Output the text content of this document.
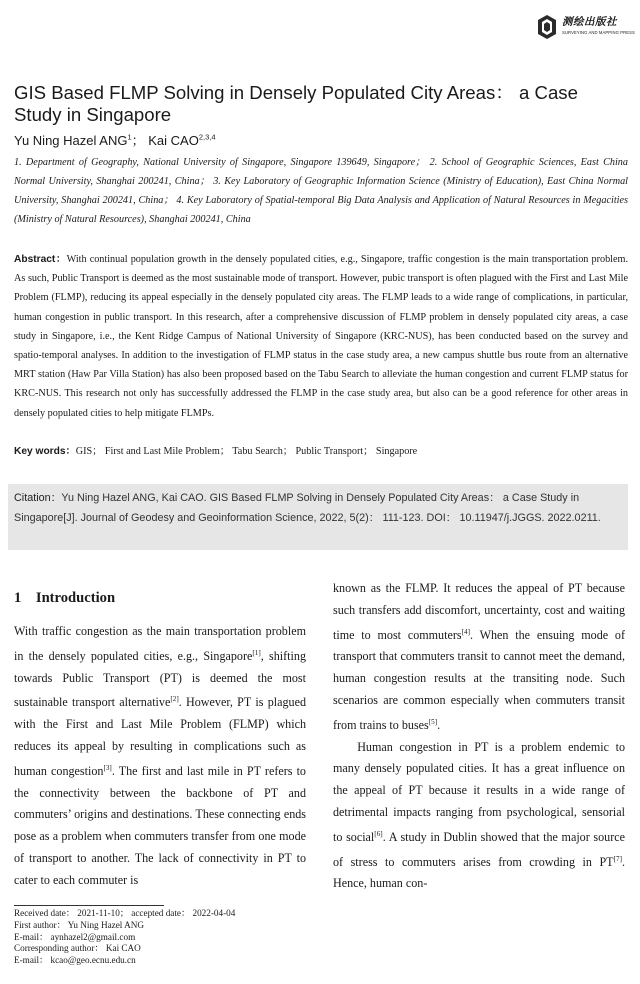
测绘出版社
SURVEYING AND MAPPING PRESS
GIS Based FLMP Solving in Densely Populated City Areas： a Case Study in Singapore
Yu Ning Hazel ANG$^1$； Kai CAO$^{2,3,4}$
1. Department of Geography, National University of Singapore, Singapore 139649, Singapore； 2. School of Geographic Sciences, East China Normal University, Shanghai 200241, China； 3. Key Laboratory of Geographic Information Science (Ministry of Education), East China Normal University, Shanghai 200241, China； 4. Key Laboratory of Spatial-temporal Big Data Analysis and Application of Natural Resources in Megacities (Ministry of Natural Resources), Shanghai 200241, China
Abstract：With continual population growth in the densely populated cities, e.g., Singapore, traffic congestion is the main transportation problem. As such, Public Transport is deemed as the most sustainable mode of transport. However, pubic transport is often plagued with the First and Last Mile Problem (FLMP), reducing its appeal especially in the densely populated city areas. The FLMP leads to a wide range of complications, in particular, human congestion in public transport. In this research, after a comprehensive discussion of FLMP problem in densely populated city areas, a case study in Singapore, i.e., the Kent Ridge Campus of National University of Singapore (KRC-NUS), has been conducted based on the survey and spatio-temporal analyses. In addition to the investigation of FLMP status in the case study area, a new campus shuttle bus route from an alternative MRT station (Haw Par Villa Station) has also been proposed based on the Tabu Search to alleviate the human congestion and current FLMP status for KRC-NUS. This research not only has successfully addressed the FLMP in the case study area, but also can be a good reference for other areas in densely populated cities to help mitigate FLMPs.
Key words：GIS； First and Last Mile Problem； Tabu Search； Public Transport； Singapore
Citation：Yu Ning Hazel ANG, Kai CAO. GIS Based FLMP Solving in Densely Populated City Areas： a Case Study in Singapore[J]. Journal of Geodesy and Geoinformation Science, 2022, 5(2)： 111-123. DOI： 10.11947/j.JGGS. 2022.0211.
1 Introduction

With traffic congestion as the main transportation problem in the densely populated cities, e.g., Singapore[1], shifting towards Public Transport (PT) is deemed the most sustainable transport alternative[2]. However, PT is plagued with the First and Last Mile Problem (FLMP) which reduces its appeal by resulting in complications such as human congestion[3]. The first and last mile in PT refers to the connectivity between the backbone of PT and commuters’ origins and destinations. These connecting ends pose as a problem when commuters transfer from one mode of transport to another. The lack of connectivity in PT to cater to each commuter is

known as the FLMP. It reduces the appeal of PT because such transfers add discomfort, uncertainty, cost and waiting time to most commuters[4]. When the ensuing mode of transport that commuters transit to cannot meet the demand, human congestion results at the transiting node. Such scenarios are common especially when commuters transit from trains to buses[5].

Human congestion in PT is a problem endemic to many densely populated cities. It has a great influence on the appeal of PT because it results in a wide range of detrimental impacts ranging from psychological, sensorial to social[6]. A study in Dublin showed that the major source of stress to commuters arises from crowding in PT[7]. Hence, human con-

Received date： 2021-11-10； accepted date： 2022-04-04
First author： Yu Ning Hazel ANG
E-mail： aynhazel2@gmail.com
Corresponding author： Kai CAO
E-mail： kcao@geo.ecnu.edu.cn
